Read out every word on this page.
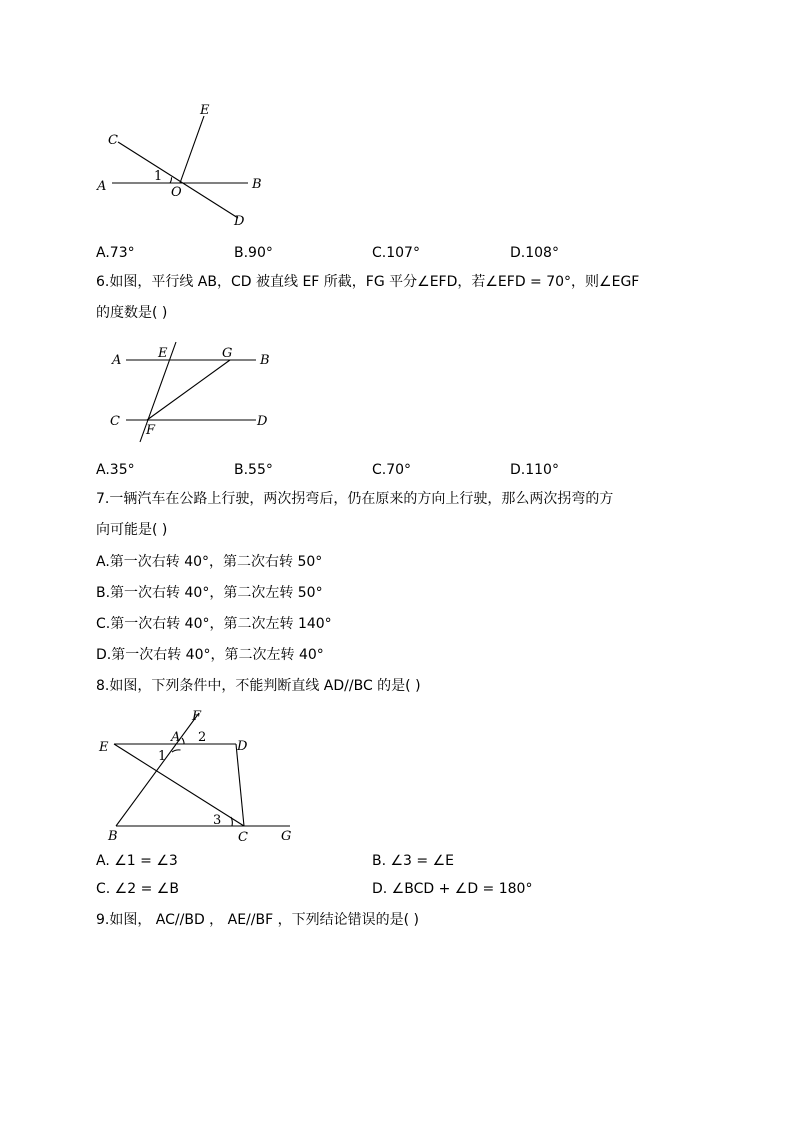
A	B
C
D
E
O
1
A.73°	B.90°	C.107°	D.108°
6.如图，平行线 AB，CD 被直线 EF 所截，FG 平分∠EFD，若∠EFD = 70°，则∠EGF
的度数是( )
A	B
C	D
E
F
G
A.35°	B.55°	C.70°	D.110°
7.一辆汽车在公路上行驶，两次拐弯后，仍在原来的方向上行驶，那么两次拐弯的方
向可能是( )
A.第一次右转 40°，第二次右转 50°
B.第一次右转 40°，第二次左转 50°
C.第一次右转 40°，第二次左转 140°
D.第一次右转 40°，第二次左转 40°
8.如图，下列条件中，不能判断直线 AD//BC 的是( )
A
B	C
D
E
F
G
1
2
3
A. ∠1 = ∠3	B. ∠3 = ∠E
C. ∠2 = ∠B	D. ∠BCD + ∠D = 180°
9.如图， AC//BD ， AE//BF ，下列结论错误的是( )
